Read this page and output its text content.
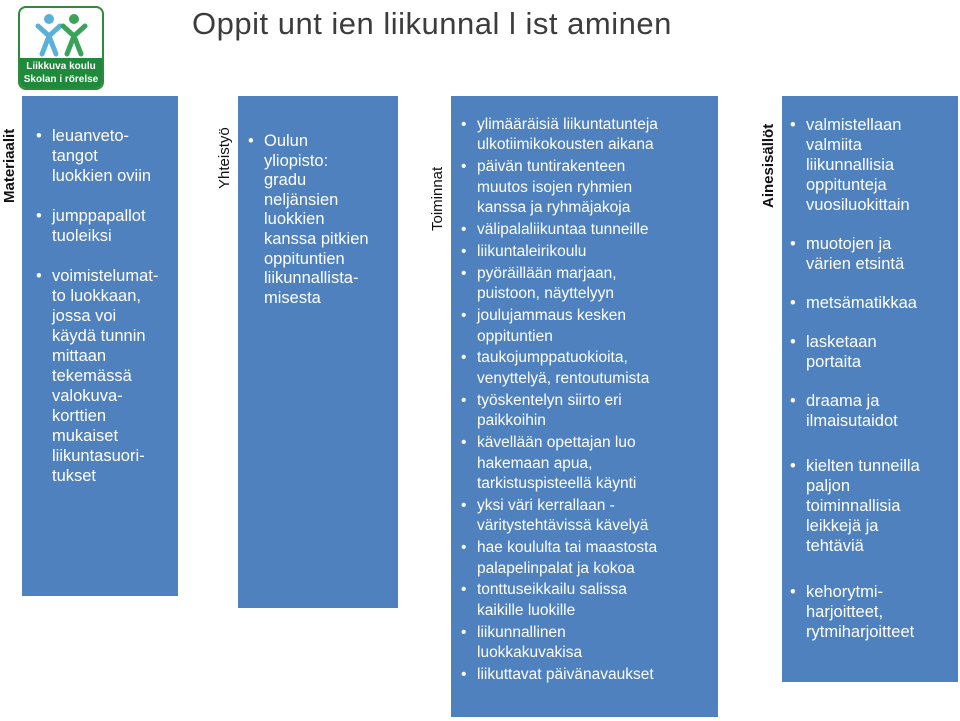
Liikkuva koulu
Skolan i rörelse
Oppit unt ien liikunnal l ist aminen
Materiaalit • leuanveto-
tangot
luokkien oviin
• jumppapallot
tuoleiksi
• voimistelumat-
to luokkaan,
jossa voi
käydä tunnin
mittaan
tekemässä
valokuva-
korttien
mukaiset
liikuntasuori-
tukset
Yhteistyö • Oulun
yliopisto:
gradu
neljänsien
luokkien
kanssa pitkien
oppituntien
liikunnallista-
misesta
Toiminnat
• ylimääräisiä liikuntatunteja
ulkotiimikokousten aikana
• päivän tuntirakenteen
muutos isojen ryhmien
kanssa ja ryhmäjakoja
• välipalaliikuntaa tunneille
• liikuntaleirikoulu
• pyöräillään marjaan,
puistoon, näyttelyyn
• joulujammaus kesken
oppituntien
• taukojumppatuokioita,
venyttelyä, rentoutumista
• työskentelyn siirto eri
paikkoihin
• kävellään opettajan luo
hakemaan apua,
tarkistuspisteellä käynti
• yksi väri kerrallaan -
väritystehtävissä kävelyä
• hae koululta tai maastosta
palapelinpalat ja kokoa
• tonttuseikkailu salissa
kaikille luokille
• liikunnallinen
luokkakuvakisa
• liikuttavat päivänavaukset
Ainesisällöt • valmistellaan
valmiita
liikunnallisia
oppitunteja
vuosiluokittain
• muotojen ja
värien etsintä
• metsämatikkaa
• lasketaan
portaita
• draama ja
ilmaisutaidot
• kielten tunneilla
paljon
toiminnallisia
leikkejä ja
tehtäviä
• kehorytmi-
harjoitteet,
rytmiharjoitteet
